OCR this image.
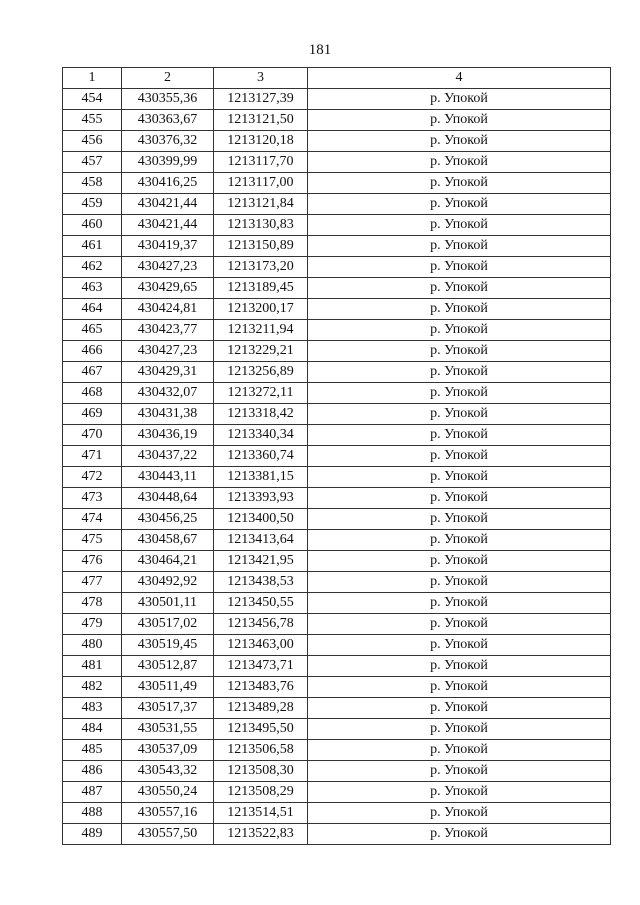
181
1	2	3	4
454	430355,36	1213127,39	р. Упокой
455	430363,67	1213121,50	р. Упокой
456	430376,32	1213120,18	р. Упокой
457	430399,99	1213117,70	р. Упокой
458	430416,25	1213117,00	р. Упокой
459	430421,44	1213121,84	р. Упокой
460	430421,44	1213130,83	р. Упокой
461	430419,37	1213150,89	р. Упокой
462	430427,23	1213173,20	р. Упокой
463	430429,65	1213189,45	р. Упокой
464	430424,81	1213200,17	р. Упокой
465	430423,77	1213211,94	р. Упокой
466	430427,23	1213229,21	р. Упокой
467	430429,31	1213256,89	р. Упокой
468	430432,07	1213272,11	р. Упокой
469	430431,38	1213318,42	р. Упокой
470	430436,19	1213340,34	р. Упокой
471	430437,22	1213360,74	р. Упокой
472	430443,11	1213381,15	р. Упокой
473	430448,64	1213393,93	р. Упокой
474	430456,25	1213400,50	р. Упокой
475	430458,67	1213413,64	р. Упокой
476	430464,21	1213421,95	р. Упокой
477	430492,92	1213438,53	р. Упокой
478	430501,11	1213450,55	р. Упокой
479	430517,02	1213456,78	р. Упокой
480	430519,45	1213463,00	р. Упокой
481	430512,87	1213473,71	р. Упокой
482	430511,49	1213483,76	р. Упокой
483	430517,37	1213489,28	р. Упокой
484	430531,55	1213495,50	р. Упокой
485	430537,09	1213506,58	р. Упокой
486	430543,32	1213508,30	р. Упокой
487	430550,24	1213508,29	р. Упокой
488	430557,16	1213514,51	р. Упокой
489	430557,50	1213522,83	р. Упокой
